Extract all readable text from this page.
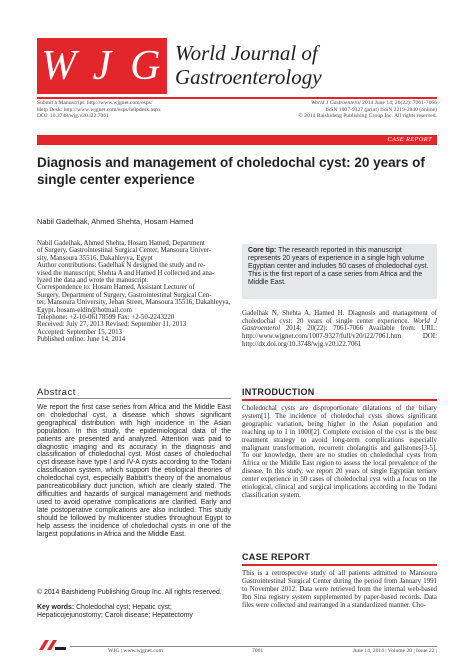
W J G World Journal of
Gastroenterology
Submit a Manuscript: http://www.wjgnet.com/esps/
Help Desk: http://www.wjgnet.com/esps/helpdesk.aspx
DOI: 10.3748/wjg.v20.i22.7061
World J Gastroenterol 2014 June 14; 20(22): 7061-7066
ISSN 1007-9327 (print) ISSN 2219-2840 (online)
© 2014 Baishideng Publishing Group Inc. All rights reserved.
CASE REPORT
Diagnosis and management of choledochal cyst: 20 years of single center experience
Nabil Gadelhak, Ahmed Shehta, Hosam Hamed
Nabil Gadelhak, Ahmed Shehta, Hosam Hamed, Department
of Surgery, Gastrointestinal Surgical Center, Mansoura Univer-
sity, Mansoura 35516, Dakahleyya, Egypt
Author contributions: Gadelhak N designed the study and re-
vised the manuscript; Shehta A and Hamed H collected and ana-
lyzed the data and wrote the manuscript.
Correspondence to: Hosam Hamed, Assistant Lecturer of
Surgery, Department of Surgery, Gastrointestinal Surgical Cen-
ter, Mansoura University, Jehan Street, Mansoura 35516, Dakahleyya,
Egypt. hosam-eldin@hotmail.com
Telephone: +2-10-06178599 Fax: +2-50-2243220
Received: July 27, 2013 Revised: September 11, 2013
Accepted: September 15, 2013
Published online: June 14, 2014
Abstract

We report the first case series from Africa and the Middle East on choledochal cyst, a disease which shows significant geographical distribution with high incidence in the Asian population. In this study, the epidemiological data of the patients are presented and analyzed. Attention was paid to diagnostic imaging and its accuracy in the diagnosis and classification of choledochal cyst. Most cases of choledochal cyst disease have type I and IV-A cysts according to the Todani classification system, which support the etiological theories of choledochal cyst, especially Babbitt's theory of the anomalous pancreaticobiliary duct junction, which are clearly stated. The difficulties and hazards of surgical management and methods used to avoid operative complications are clarified. Early and late postoperative complications are also included. This study should be followed by multicenter studies throughout Egypt to help assess the incidence of choledochal cysts in one of the largest populations in Africa and the Middle East.

© 2014 Baishideng Publishing Group Inc. All rights reserved.
Key words: Choledochal cyst; Hepatic cyst; Hepaticojejunostomy; Caroli disease; Hepatectomy
Core tip: The research reported in this manuscript represents 20 years of experience in a single high volume Egyptian center and includes 50 cases of choledochal cyst. This is the first report of a case series from Africa and the Middle East.
Gadelhak N, Shehta A, Hamed H. Diagnosis and management of choledochal cyst: 20 years of single center experience. World J Gastroenterol 2014; 20(22): 7061-7066 Available from: URL: http://www.wjgnet.com/1007-9327/full/v20/i22/7061.htm DOI: http://dx.doi.org/10.3748/wjg.v20.i22.7061
INTRODUCTION

Choledochal cysts are disproportionate dilatations of the biliary system[1]. The incidence of choledochal cysts shows significant geographic variation, being higher in the Asian population and reaching up to 1 in 1000[2]. Complete excision of the cyst is the best treatment strategy to avoid long-term complications especially malignant transformation, recurrent cholangitis and gallstones[3-5]. To our knowledge, there are no studies on choledochal cysts from Africa or the Middle East region to assess the local prevalence of the disease. In this study, we report 20 years of single Egyptian tertiary center experience in 50 cases of choledochal cyst with a focus on the etiological, clinical and surgical implications according to the Todani classification system.

CASE REPORT

This is a retrospective study of all patients admitted to Mansoura Gastrointestinal Surgical Center during the period from January 1991 to November 2012. Data were retrieved from the internal web-based Ibn Sina registry system supplemented by paper-based records. Data files were collected and rearranged in a standardized manner. Cho-

WJG | www.wjgnet.com	7061	June 14, 2014 | Volume 20 | Issue 22 |
